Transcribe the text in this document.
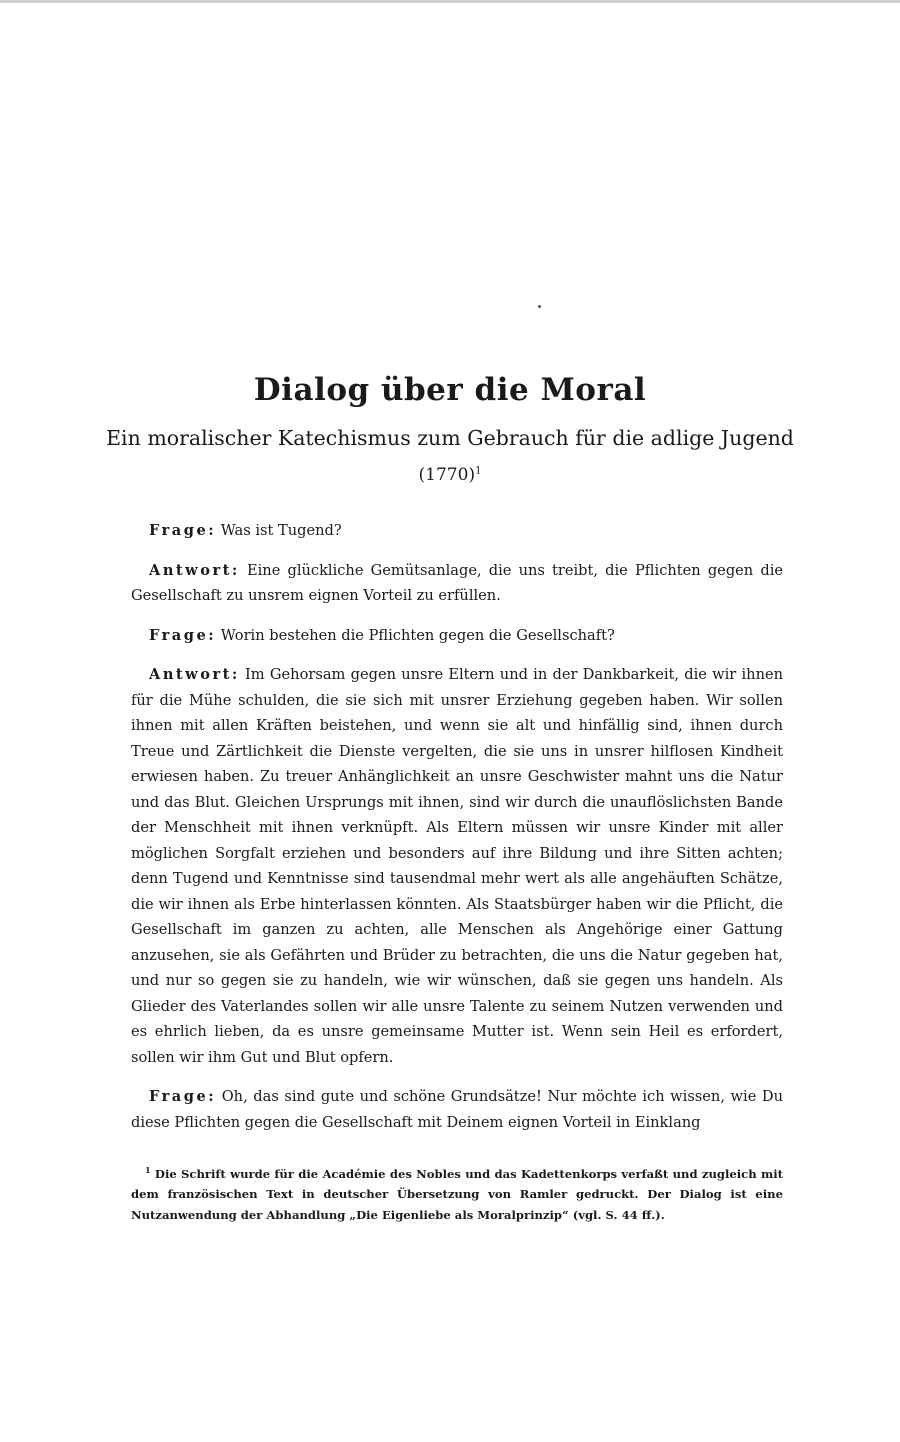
Dialog über die Moral

Ein moralischer Katechismus zum Gebrauch für die adlige Jugend

$(1770)^1$

Frage: Was ist Tugend?

Antwort: Eine glückliche Gemütsanlage, die uns treibt, die Pflichten gegen die Gesellschaft zu unsrem eignen Vorteil zu erfüllen.

Frage: Worin bestehen die Pflichten gegen die Gesellschaft?

Antwort: Im Gehorsam gegen unsre Eltern und in der Dankbarkeit, die wir ihnen für die Mühe schulden, die sie sich mit unsrer Erziehung gegeben haben. Wir sollen ihnen mit allen Kräften beistehen, und wenn sie alt und hinfällig sind, ihnen durch Treue und Zärtlichkeit die Dienste vergelten, die sie uns in unsrer hilflosen Kindheit erwiesen haben. Zu treuer Anhänglichkeit an unsre Geschwister mahnt uns die Natur und das Blut. Gleichen Ursprungs mit ihnen, sind wir durch die unauflöslichsten Bande der Menschheit mit ihnen verknüpft. Als Eltern müssen wir unsre Kinder mit aller möglichen Sorgfalt erziehen und besonders auf ihre Bildung und ihre Sitten achten; denn Tugend und Kenntnisse sind tausendmal mehr wert als alle angehäuften Schätze, die wir ihnen als Erbe hinterlassen könnten. Als Staatsbürger haben wir die Pflicht, die Gesellschaft im ganzen zu achten, alle Menschen als Angehörige einer Gattung anzusehen, sie als Gefährten und Brüder zu betrachten, die uns die Natur gegeben hat, und nur so gegen sie zu handeln, wie wir wünschen, daß sie gegen uns handeln. Als Glieder des Vaterlandes sollen wir alle unsre Talente zu seinem Nutzen verwenden und es ehrlich lieben, da es unsre gemeinsame Mutter ist. Wenn sein Heil es erfordert, sollen wir ihm Gut und Blut opfern.

Frage: Oh, das sind gute und schöne Grundsätze! Nur möchte ich wissen, wie Du diese Pflichten gegen die Gesellschaft mit Deinem eignen Vorteil in Einklang

$^1$ Die Schrift wurde für die Académie des Nobles und das Kadettenkorps verfaßt und zugleich mit dem französischen Text in deutscher Übersetzung von Ramler gedruckt. Der Dialog ist eine Nutzanwendung der Abhandlung „Die Eigenliebe als Moralprinzip“ (vgl. S. 44 ff.).
